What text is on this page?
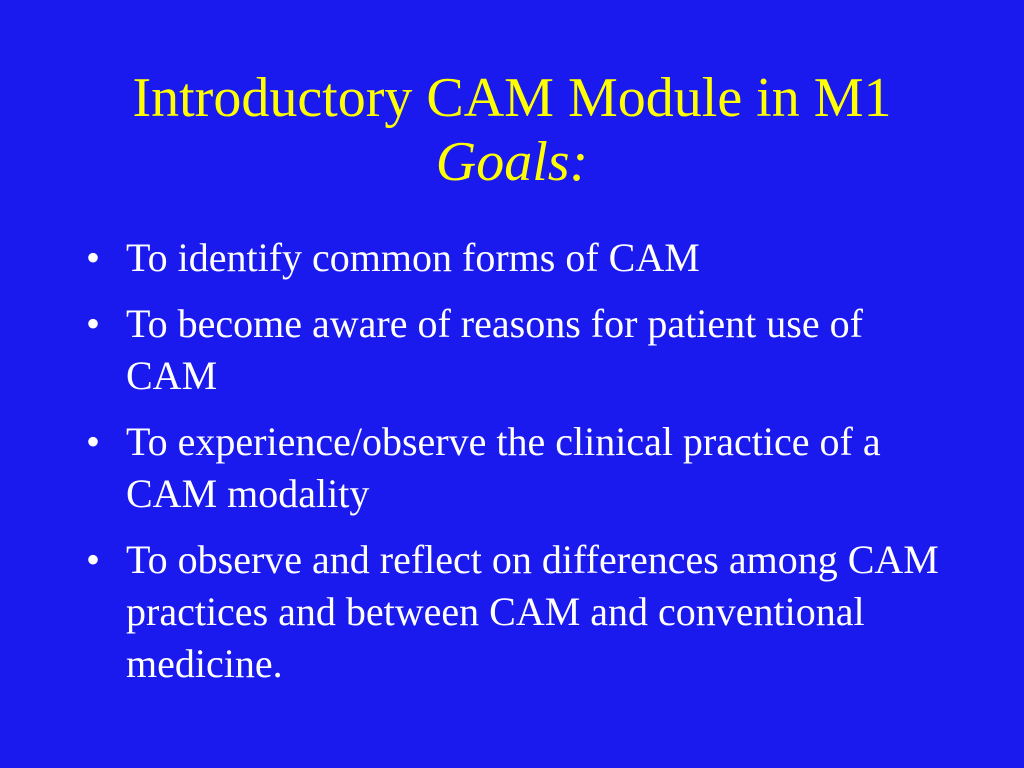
Introductory CAM Module in M1
Goals:
• To identify common forms of CAM
• To become aware of reasons for patient use of CAM
• To experience/observe the clinical practice of a CAM modality
• To observe and reflect on differences among CAM practices and between CAM and conventional medicine.
